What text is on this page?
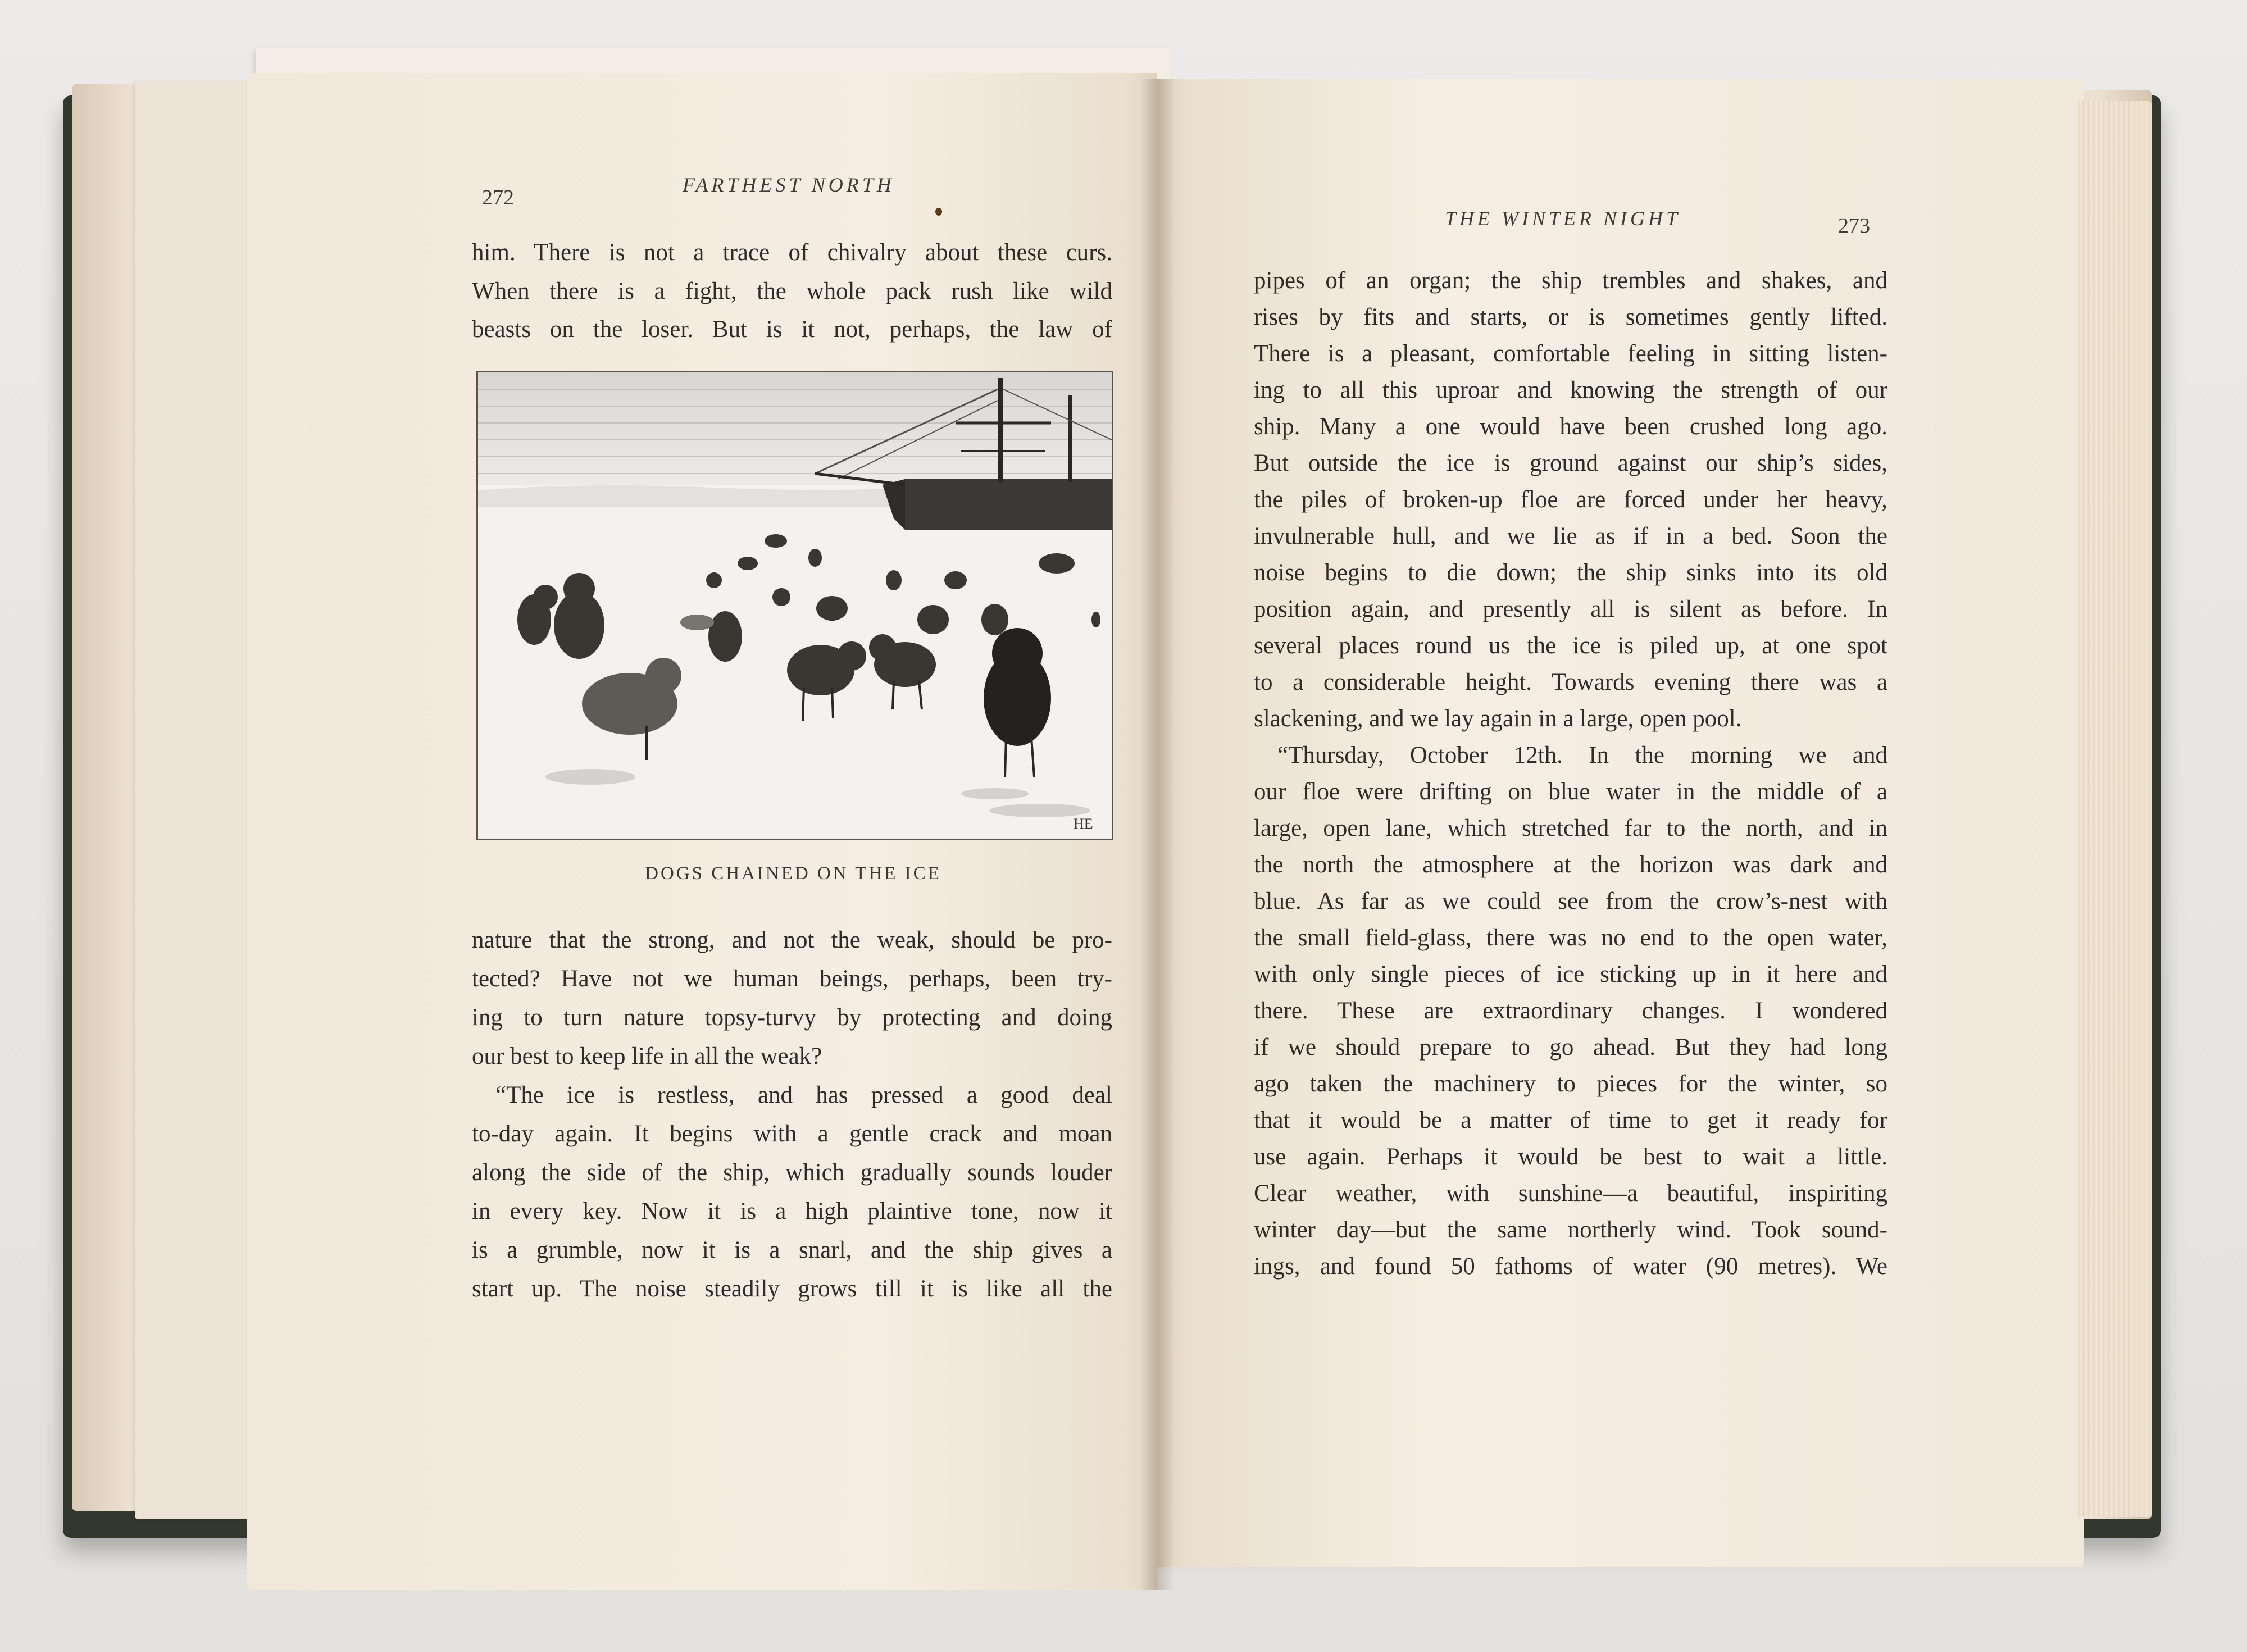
272
FARTHEST NORTH
him. There is not a trace of chivalry about these curs.
When there is a fight, the whole pack rush like wild
beasts on the loser. But is it not, perhaps, the law of
HE
DOGS CHAINED ON THE ICE
nature that the strong, and not the weak, should be pro-
tected? Have not we human beings, perhaps, been try-
ing to turn nature topsy-turvy by protecting and doing
our best to keep life in all the weak?
“The ice is restless, and has pressed a good deal
to-day again. It begins with a gentle crack and moan
along the side of the ship, which gradually sounds louder
in every key. Now it is a high plaintive tone, now it
is a grumble, now it is a snarl, and the ship gives a
start up. The noise steadily grows till it is like all the
THE WINTER NIGHT	273
pipes of an organ; the ship trembles and shakes, and
rises by fits and starts, or is sometimes gently lifted.
There is a pleasant, comfortable feeling in sitting listen-
ing to all this uproar and knowing the strength of our
ship. Many a one would have been crushed long ago.
But outside the ice is ground against our ship’s sides,
the piles of broken-up floe are forced under her heavy,
invulnerable hull, and we lie as if in a bed. Soon the
noise begins to die down; the ship sinks into its old
position again, and presently all is silent as before. In
several places round us the ice is piled up, at one spot
to a considerable height. Towards evening there was a
slackening, and we lay again in a large, open pool.
“Thursday, October 12th. In the morning we and
our floe were drifting on blue water in the middle of a
large, open lane, which stretched far to the north, and in
the north the atmosphere at the horizon was dark and
blue. As far as we could see from the crow’s-nest with
the small field-glass, there was no end to the open water,
with only single pieces of ice sticking up in it here and
there. These are extraordinary changes. I wondered
if we should prepare to go ahead. But they had long
ago taken the machinery to pieces for the winter, so
that it would be a matter of time to get it ready for
use again. Perhaps it would be best to wait a little.
Clear weather, with sunshine—a beautiful, inspiriting
winter day—but the same northerly wind. Took sound-
ings, and found 50 fathoms of water (90 metres). We
